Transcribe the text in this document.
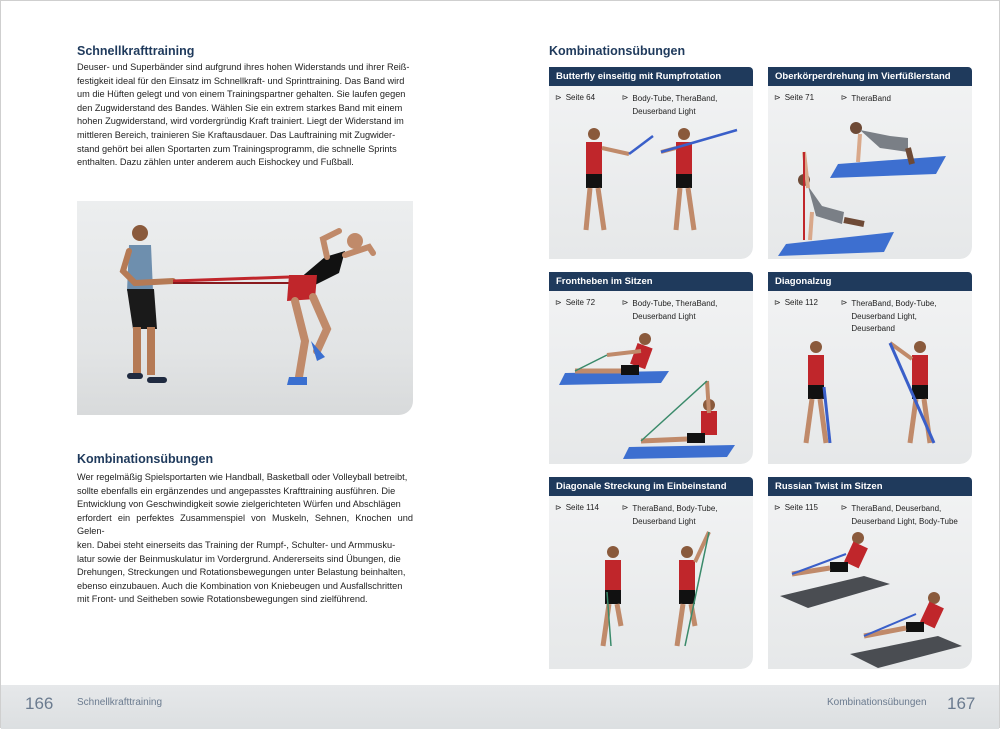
Schnellkrafttraining
Deuser- und Superbänder sind aufgrund ihres hohen Widerstands und ihrer Reiß-
festigkeit ideal für den Einsatz im Schnellkraft- und Sprinttraining. Das Band wird
um die Hüften gelegt und von einem Trainingspartner gehalten. Sie laufen gegen
den Zugwiderstand des Bandes. Wählen Sie ein extrem starkes Band mit einem
hohen Zugwiderstand, wird vordergründig Kraft trainiert. Liegt der Widerstand im
mittleren Bereich, trainieren Sie Kraftausdauer. Das Lauftraining mit Zugwider-
stand gehört bei allen Sportarten zum Trainingsprogramm, die schnelle Sprints
enthalten. Dazu zählen unter anderem auch Eishockey und Fußball.
Kombinationsübungen
Wer regelmäßig Spielsportarten wie Handball, Basketball oder Volleyball betreibt,
sollte ebenfalls ein ergänzendes und angepasstes Krafttraining ausführen. Die
Entwicklung von Geschwindigkeit sowie zielgerichteten Würfen und Abschlägen
erfordert ein perfektes Zusammenspiel von Muskeln, Sehnen, Knochen und Gelen-
ken. Dabei steht einerseits das Training der Rumpf-, Schulter- und Armmusku-
latur sowie der Beinmuskulatur im Vordergrund. Andererseits sind Übungen, die
Drehungen, Streckungen und Rotationsbewegungen unter Belastung beinhalten,
ebenso einzubauen. Auch die Kombination von Kniebeugen und Ausfallschritten
mit Front- und Seitheben sowie Rotationsbewegungen sind zielführend.
Kombinationsübungen
Butterfly einseitig mit Rumpfrotation
⊳ Seite 64	⊳ Body-Tube, TheraBand,
Deuserband Light
Oberkörperdrehung im Vierfüßlerstand
⊳ Seite 71	⊳ TheraBand
Frontheben im Sitzen
⊳ Seite 72	⊳ Body-Tube, TheraBand,
Deuserband Light
Diagonalzug
⊳ Seite 112	⊳ TheraBand, Body-Tube,
Deuserband Light, Deuserband
Diagonale Streckung im Einbeinstand
⊳ Seite 114	⊳ TheraBand, Body-Tube,
Deuserband Light
Russian Twist im Sitzen
⊳ Seite 115	⊳ TheraBand, Deuserband,
Deuserband Light, Body-Tube
166 Schnellkrafttraining	Kombinationsübungen 167
